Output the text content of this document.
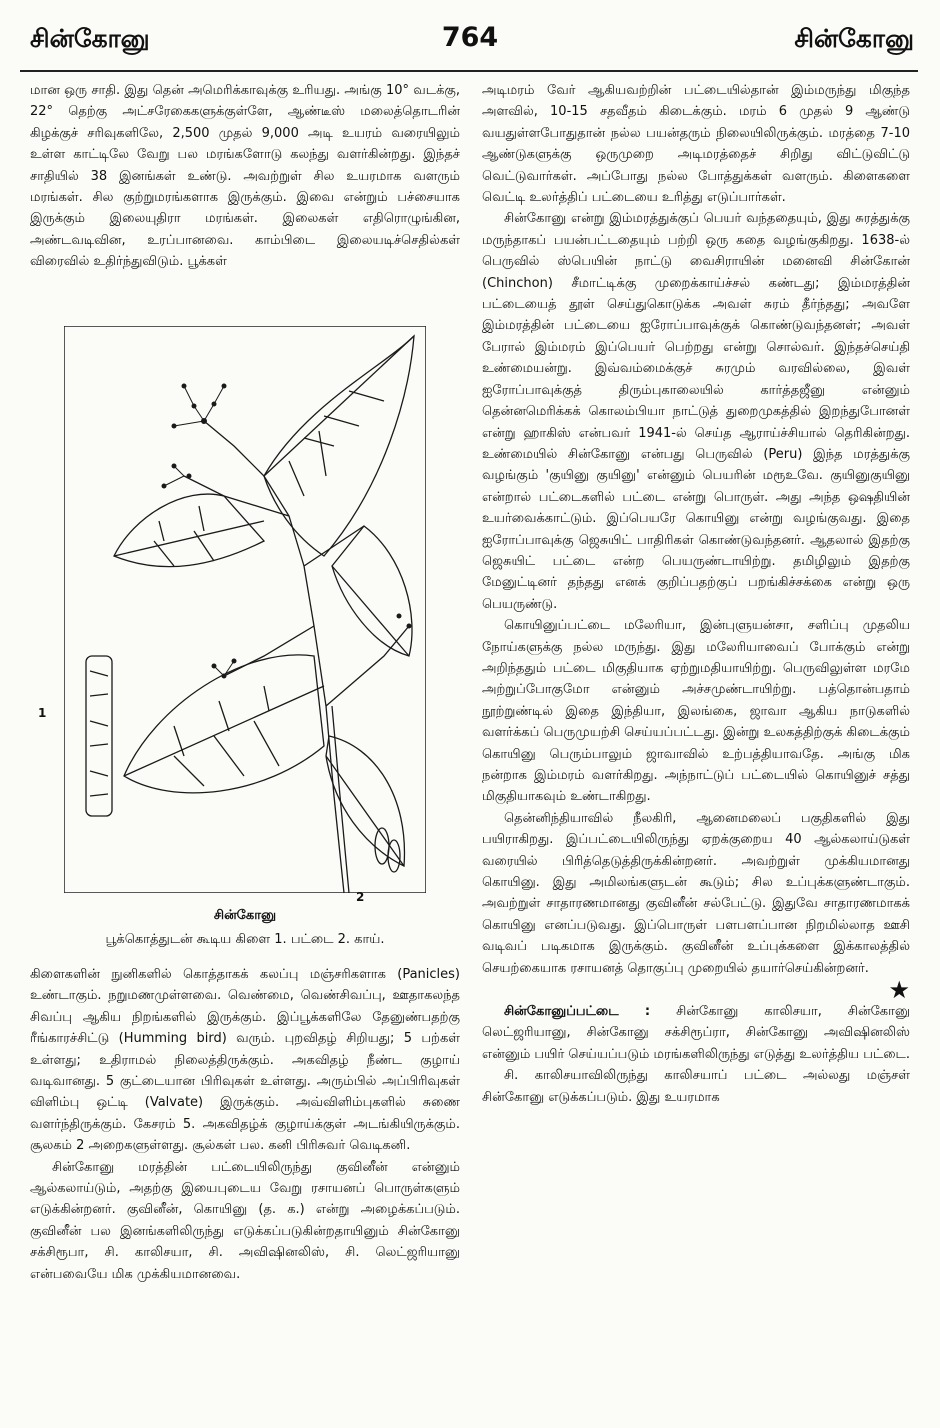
சின்கோனு	764	சின்கோனு

மான ஒரு சாதி. இது தென் அமெரிக்காவுக்கு உரியது. அங்கு 10° வடக்கு, 22° தெற்கு அட்சரேகைகளுக்குள்ளே, ஆண்டீஸ் மலைத்தொடரின் கிழக்குச் சரிவுகளிலே, 2,500 முதல் 9,000 அடி உயரம் வரையிலும் உள்ள காட்டிலே வேறு பல மரங்களோடு கலந்து வளர்கின்றது. இந்தச் சாதியில் 38 இனங்கள் உண்டு. அவற்றுள் சில உயரமாக வளரும் மரங்கள். சில குற்றுமரங்களாக இருக்கும். இவை என்றும் பச்சையாக இருக்கும் இலையுதிரா மரங்கள். இலைகள் எதிரொழுங்கின, அண்டவடிவின, உரப்பானவை. காம்பிடை இலையடிச்செதில்கள் விரைவில் உதிர்ந்துவிடும். பூக்கள்

1
2
சின்கோனு
பூக்கொத்துடன் கூடிய கிளை 1. பட்டை 2. காய்.

கிளைகளின் நுனிகளில் கொத்தாகக் கலப்பு மஞ்சரிகளாக (Panicles) உண்டாகும். நறுமணமுள்ளவை. வெண்மை, வெண்சிவப்பு, ஊதாகலந்த சிவப்பு ஆகிய நிறங்களில் இருக்கும். இப்பூக்களிலே தேனுண்பதற்கு ரீங்காரச்சிட்டு (Humming bird) வரும். புறவிதழ் சிறியது; 5 பற்கள் உள்ளது; உதிராமல் நிலைத்திருக்கும். அகவிதழ் நீண்ட குழாய் வடிவானது. 5 குட்டையான பிரிவுகள் உள்ளது. அரும்பில் அப்பிரிவுகள் விளிம்பு ஒட்டி (Valvate) இருக்கும். அவ்விளிம்புகளில் சுணை வளர்ந்திருக்கும். கேசரம் 5. அகவிதழ்க் குழாய்க்குள் அடங்கியிருக்கும். சூலகம் 2 அறைகளுள்ளது. சூல்கள் பல. கனி பிரிசுவர் வெடிகனி.

சின்கோனு மரத்தின் பட்டையிலிருந்து குவினீன் என்னும் ஆல்கலாய்டும், அதற்கு இயைபுடைய வேறு ரசாயனப் பொருள்களும் எடுக்கின்றனர். குவினீன், கொயினு (த. க.) என்று அழைக்கப்படும். குவினீன் பல இனங்களிலிருந்து எடுக்கப்படுகின்றதாயினும் சின்கோனு சக்சிரூபா, சி. காலிசயா, சி. அவிஷினலிஸ், சி. லெட்ஜரியானு என்பவையே மிக முக்கியமானவை.

அடிமரம் வேர் ஆகியவற்றின் பட்டையில்தான் இம்மருந்து மிகுந்த அளவில், 10-15 சதவீதம் கிடைக்கும். மரம் 6 முதல் 9 ஆண்டு வயதுள்ளபோதுதான் நல்ல பயன்தரும் நிலையிலிருக்கும். மரத்தை 7-10 ஆண்டுகளுக்கு ஒருமுறை அடிமரத்தைச் சிறிது விட்டுவிட்டு வெட்டுவார்கள். அப்போது நல்ல போத்துக்கள் வளரும். கிளைகளை வெட்டி உலர்த்திப் பட்டையை உரித்து எடுப்பார்கள்.

சின்கோனு என்று இம்மரத்துக்குப் பெயர் வந்ததையும், இது சுரத்துக்கு மருந்தாகப் பயன்பட்டதையும் பற்றி ஒரு கதை வழங்குகிறது. 1638-ல் பெருவில் ஸ்பெயின் நாட்டு வைசிராயின் மனைவி சின்கோன் (Chinchon) சீமாட்டிக்கு முறைக்காய்ச்சல் கண்டது; இம்மரத்தின் பட்டையைத் தூள் செய்துகொடுக்க அவள் சுரம் தீர்ந்தது; அவளே இம்மரத்தின் பட்டையை ஐரோப்பாவுக்குக் கொண்டுவந்தனள்; அவள் பேரால் இம்மரம் இப்பெயர் பெற்றது என்று சொல்வர். இந்தச்செய்தி உண்மையன்று. இவ்வம்மைக்குச் சுரமும் வரவில்லை, இவள் ஐரோப்பாவுக்குத் திரும்புகாலையில் கார்த்தஜீனு என்னும் தென்னமெரிக்கக் கொலம்பியா நாட்டுத் துறைமுகத்தில் இறந்துபோனள் என்று ஹாகிஸ் என்பவர் 1941-ல் செய்த ஆராய்ச்சியால் தெரிகின்றது. உண்மையில் சின்கோனு என்பது பெருவில் (Peru) இந்த மரத்துக்கு வழங்கும் 'குயினு குயினு' என்னும் பெயரின் மரூஉவே. குயினுகுயினு என்றால் பட்டைகளில் பட்டை என்று பொருள். அது அந்த ஒஷதியின் உயர்வைக்காட்டும். இப்பெயரே கொயினு என்று வழங்குவது. இதை ஐரோப்பாவுக்கு ஜெசுயிட் பாதிரிகள் கொண்டுவந்தனர். ஆதலால் இதற்கு ஜெசுயிட் பட்டை என்ற பெயருண்டாயிற்று. தமிழிலும் இதற்கு மேனுட்டினர் தந்தது எனக் குறிப்பதற்குப் பறங்கிச்சக்கை என்று ஒரு பெயருண்டு.

கொயினுப்பட்டை மலேரியா, இன்புளுயன்சா, சளிப்பு முதலிய நோய்களுக்கு நல்ல மருந்து. இது மலேரியாவைப் போக்கும் என்று அறிந்ததும் பட்டை மிகுதியாக ஏற்றுமதியாயிற்று. பெருவிலுள்ள மரமே அற்றுப்போகுமோ என்னும் அச்சமுண்டாயிற்று. பத்தொன்பதாம் நூற்றுண்டில் இதை இந்தியா, இலங்கை, ஜாவா ஆகிய நாடுகளில் வளர்க்கப் பெருமுயற்சி செய்யப்பட்டது. இன்று உலகத்திற்குக் கிடைக்கும் கொயினு பெரும்பாலும் ஜாவாவில் உற்பத்தியாவதே. அங்கு மிக நன்றாக இம்மரம் வளர்கிறது. அந்நாட்டுப் பட்டையில் கொயினுச் சத்து மிகுதியாகவும் உண்டாகிறது.

தென்னிந்தியாவில் நீலகிரி, ஆனைமலைப் பகுதிகளில் இது பயிராகிறது. இப்பட்டையிலிருந்து ஏறக்குறைய 40 ஆல்கலாய்டுகள் வரையில் பிரித்தெடுத்திருக்கின்றனர். அவற்றுள் முக்கியமானது கொயினு. இது அமிலங்களுடன் கூடும்; சில உப்புக்களுண்டாகும். அவற்றுள் சாதாரணமானது குவினீன் சல்பேட்டு. இதுவே சாதாரணமாகக் கொயினு எனப்படுவது. இப்பொருள் பளபளப்பான நிறமில்லாத ஊசி வடிவப் படிகமாக இருக்கும். குவினீன் உப்புக்களை இக்காலத்தில் செயற்கையாக ரசாயனத் தொகுப்பு முறையில் தயார்செய்கின்றனர்.

★

சின்கோனுப்பட்டை : சின்கோனு காலிசயா, சின்கோனு லெட்ஜரியானு, சின்கோனு சக்சிரூப்ரா, சின்கோனு அவிஷினலிஸ் என்னும் பயிர் செய்யப்படும் மரங்களிலிருந்து எடுத்து உலர்த்திய பட்டை.

சி. காலிசயாவிலிருந்து காலிசயாப் பட்டை அல்லது மஞ்சள் சின்கோனு எடுக்கப்படும். இது உயரமாக
